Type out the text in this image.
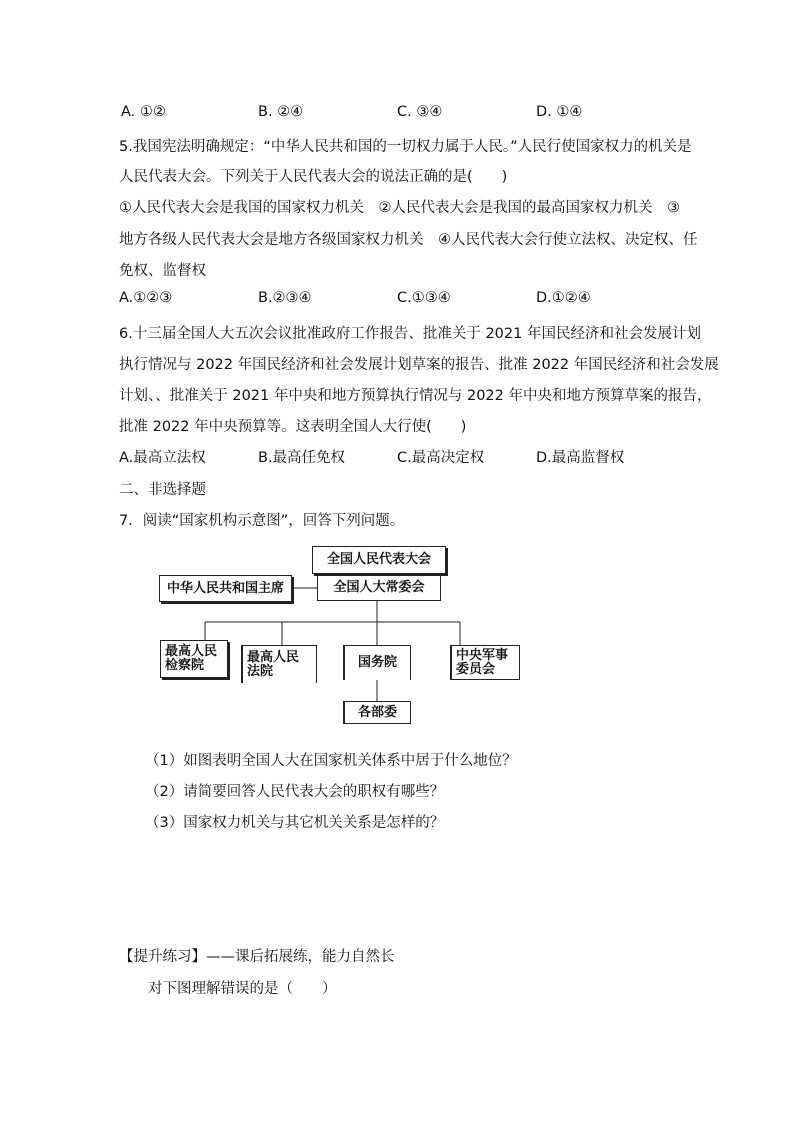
A. ①②	B. ②④	C. ③④	D. ①④
5.我国宪法明确规定：“中华人民共和国的一切权力属于人民。”人民行使国家权力的机关是
人民代表大会。下列关于人民代表大会的说法正确的是(　　)
①人民代表大会是我国的国家权力机关　②人民代表大会是我国的最高国家权力机关　③
地方各级人民代表大会是地方各级国家权力机关　④人民代表大会行使立法权、决定权、任
免权、监督权
A.①②③	B.②③④	C.①③④	D.①②④
6.十三届全国人大五次会议批准政府工作报告、批准关于 2021 年国民经济和社会发展计划
执行情况与 2022 年国民经济和社会发展计划草案的报告、批准 2022 年国民经济和社会发展
计划、、批准关于 2021 年中央和地方预算执行情况与 2022 年中央和地方预算草案的报告，
批准 2022 年中央预算等。这表明全国人大行使(　　)
A.最高立法权	B.最高任免权	C.最高决定权	D.最高监督权
二、非选择题
7．阅读“国家机构示意图”，回答下列问题。
全国人民代表大会
全国人大常委会
中华人民共和国主席
最高人民
检察院
最高人民
法院
国务院	中央军事
委员会
各部委
（1）如图表明全国人大在国家机关体系中居于什么地位？
（2）请简要回答人民代表大会的职权有哪些？
（3）国家权力机关与其它机关关系是怎样的？
【提升练习】——课后拓展练，能力自然长
对下图理解错误的是（　　）
